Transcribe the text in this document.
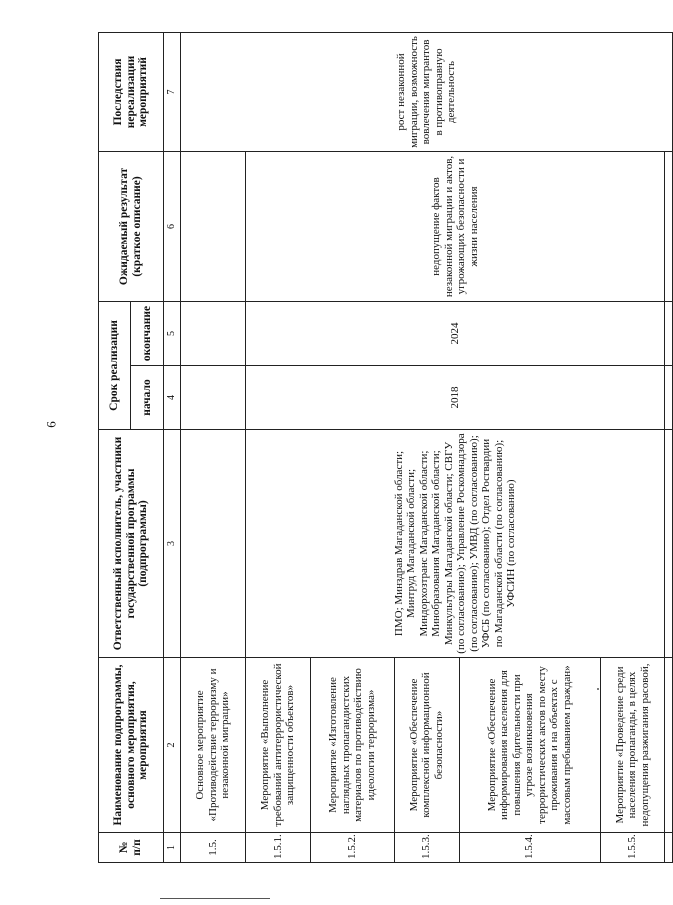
6
№ п/п	Наименование подпрограммы, основного мероприятия, мероприятия	Ответственный исполнитель, участники государственной программы (подпрограммы)	Срок реализации		Ожидаемый результат (краткое описание)	Последствия нереализации мероприятий
			начало	окончание		
1	2	3	4	5	6	7
1.5.	Основное мероприятие «Противодействие терроризму и незаконной миграции»					рост незаконной миграции, возможность вовлечения мигрантов в противоправную деятельность
1.5.1.	Мероприятие «Выполнение требований антитеррористической защищенности объектов»	ПМО; Минздрав Магаданской области; Минтруд Магаданской области; Миндорхозтранс Магаданской области; Минобразования Магаданской области; Минкультуры Магаданской области; СВГУ (по согласованию); Управление Роскомнадзора (по согласованию); УМВД (по согласованию); УФСБ (по согласованию); Отдел Росгвардии по Магаданской области (по согласованию); УФСИН (по согласованию)	2018	2024	недопущение фактов незаконной миграции и актов, угрожающих безопасности и жизни населения	
1.5.2.	Мероприятие «Изготовление наглядных пропагандистских материалов по противодействию идеологии терроризма»					
1.5.3.	Мероприятие «Обеспечение комплексной информационной безопасности»					
1.5.4.	Мероприятие «Обеспечение информирования населения для повышения бдительности при угрозе возникновения террористических актов по месту проживания и на объектах с массовым пребыванием граждан»					
1.5.5.	Мероприятие «Проведение среди населения пропаганды, в целях недопущения разжигания расовой,					
